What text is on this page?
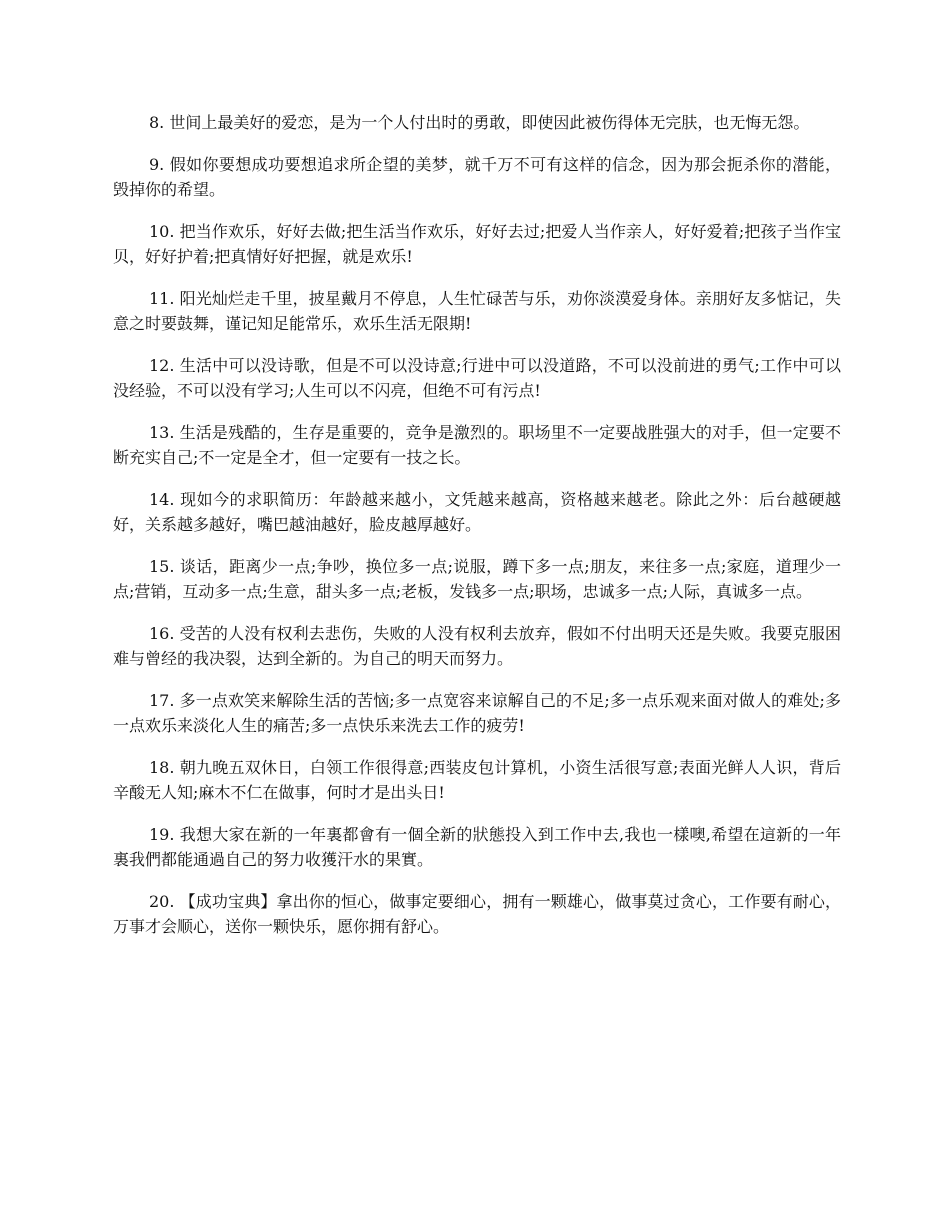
8. 世间上最美好的爱恋，是为一个人付出时的勇敢，即使因此被伤得体无完肤，也无悔无怨。

9. 假如你要想成功要想追求所企望的美梦，就千万不可有这样的信念，因为那会扼杀你的潜能，毁掉你的希望。

10. 把当作欢乐，好好去做;把生活当作欢乐，好好去过;把爱人当作亲人，好好爱着;把孩子当作宝贝，好好护着;把真情好好把握，就是欢乐!

11. 阳光灿烂走千里，披星戴月不停息，人生忙碌苦与乐，劝你淡漠爱身体。亲朋好友多惦记，失意之时要鼓舞，谨记知足能常乐，欢乐生活无限期!

12. 生活中可以没诗歌，但是不可以没诗意;行进中可以没道路，不可以没前进的勇气;工作中可以没经验，不可以没有学习;人生可以不闪亮，但绝不可有污点!

13. 生活是残酷的，生存是重要的，竞争是激烈的。职场里不一定要战胜强大的对手，但一定要不断充实自己;不一定是全才，但一定要有一技之长。

14. 现如今的求职简历：年龄越来越小，文凭越来越高，资格越来越老。除此之外：后台越硬越好，关系越多越好，嘴巴越油越好，脸皮越厚越好。

15. 谈话，距离少一点;争吵，换位多一点;说服，蹲下多一点;朋友，来往多一点;家庭，道理少一点;营销，互动多一点;生意，甜头多一点;老板，发钱多一点;职场，忠诚多一点;人际，真诚多一点。

16. 受苦的人没有权利去悲伤，失败的人没有权利去放弃，假如不付出明天还是失败。我要克服困难与曾经的我决裂，达到全新的。为自己的明天而努力。

17. 多一点欢笑来解除生活的苦恼;多一点宽容来谅解自己的不足;多一点乐观来面对做人的难处;多一点欢乐来淡化人生的痛苦;多一点快乐来洗去工作的疲劳!

18. 朝九晚五双休日，白领工作很得意;西装皮包计算机，小资生活很写意;表面光鲜人人识，背后辛酸无人知;麻木不仁在做事，何时才是出头日!

19. 我想大家在新的一年裏都會有一個全新的狀態投入到工作中去,我也一樣噢,希望在這新的一年裏我們都能通過自己的努力收獲汗水的果實。

20. 【成功宝典】拿出你的恒心，做事定要细心，拥有一颗雄心，做事莫过贪心，工作要有耐心，万事才会顺心，送你一颗快乐，愿你拥有舒心。
